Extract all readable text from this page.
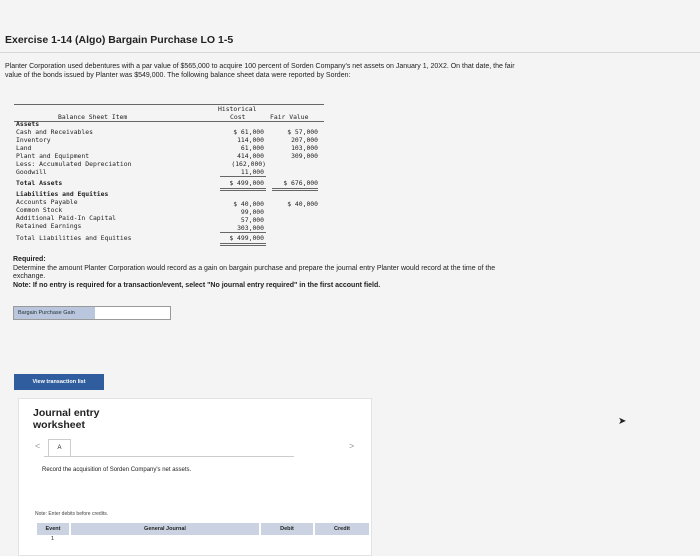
Exercise 1-14 (Algo) Bargain Purchase LO 1-5
Planter Corporation used debentures with a par value of $565,000 to acquire 100 percent of Sorden Company's net assets on January 1, 20X2. On that date, the fair value of the bonds issued by Planter was $549,000. The following balance sheet data were reported by Sorden:
Balance Sheet Item
Historical
Cost	Fair Value
Assets
Cash and Receivables	$ 61,000	$ 57,000
Inventory	114,000	207,000
Land	61,000	103,000
Plant and Equipment	414,000	309,000
Less: Accumulated Depreciation	(162,000)
Goodwill	11,000
Total Assets	$ 499,000	$ 676,000
Liabilities and Equities
Accounts Payable	$ 40,000	$ 40,000
Common Stock	99,000
Additional Paid-In Capital	57,000
Retained Earnings	303,000
Total Liabilities and Equities	$ 499,000
Required:
Determine the amount Planter Corporation would record as a gain on bargain purchase and prepare the journal entry Planter would record at the time of the exchange.
Note: If no entry is required for a transaction/event, select "No journal entry required" in the first account field.
Bargain Purchase Gain
View transaction list
Journal entry
worksheet
<	A	>
Record the acquisition of Sorden Company's net assets.
Note: Enter debits before credits.
Event	General Journal	Debit	Credit
1
➤
